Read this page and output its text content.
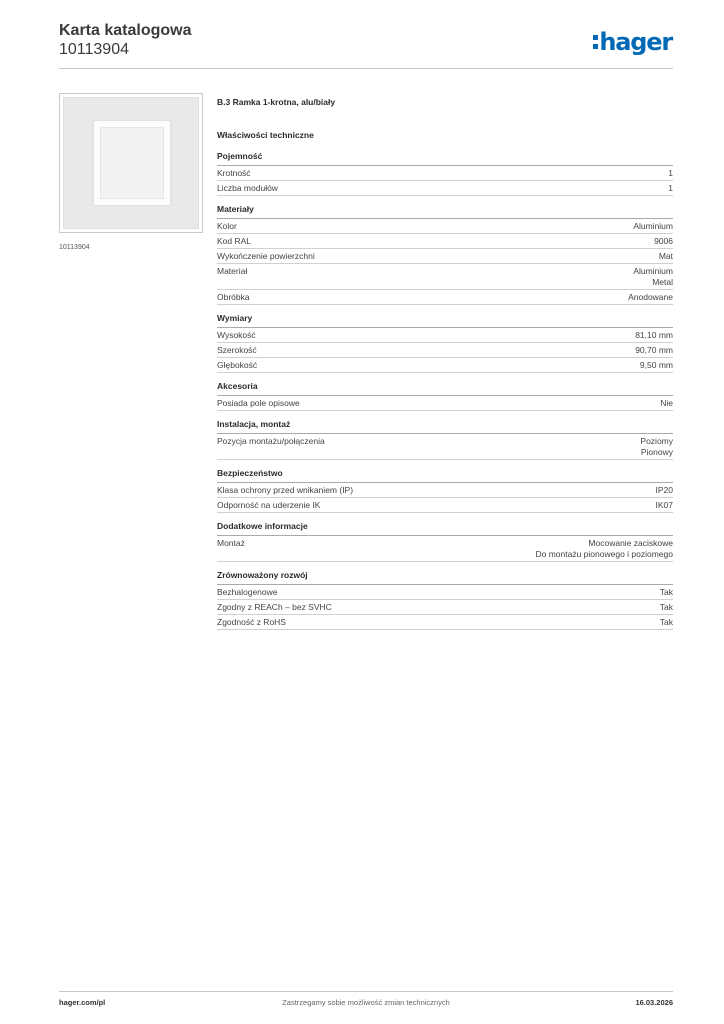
Karta katalogowa
10113904	hager
10113904
B.3 Ramka 1-krotna, alu/biały
Właściwości techniczne
Pojemność
Krotność	1
Liczba modułów	1
Materiały
Kolor	Aluminium
Kod RAL	9006
Wykończenie powierzchni	Mat
Materiał	Aluminium
Metal
Obróbka	Anodowane
Wymiary
Wysokość	81,10 mm
Szerokość	90,70 mm
Głębokość	9,50 mm
Akcesoria
Posiada pole opisowe	Nie
Instalacja, montaż
Pozycja montażu/połączenia	Poziomy
Pionowy
Bezpieczeństwo
Klasa ochrony przed wnikaniem (IP)	IP20
Odporność na uderzenie IK	IK07
Dodatkowe informacje
Montaż	Mocowanie zaciskowe
Do montażu pionowego i poziomego
Zrównoważony rozwój
Bezhalogenowe	Tak
Zgodny z REACh – bez SVHC	Tak
Zgodność z RoHS	Tak
hager.com/pl	Zastrzegamy sobie możliwość zmian technicznych	16.03.2026
